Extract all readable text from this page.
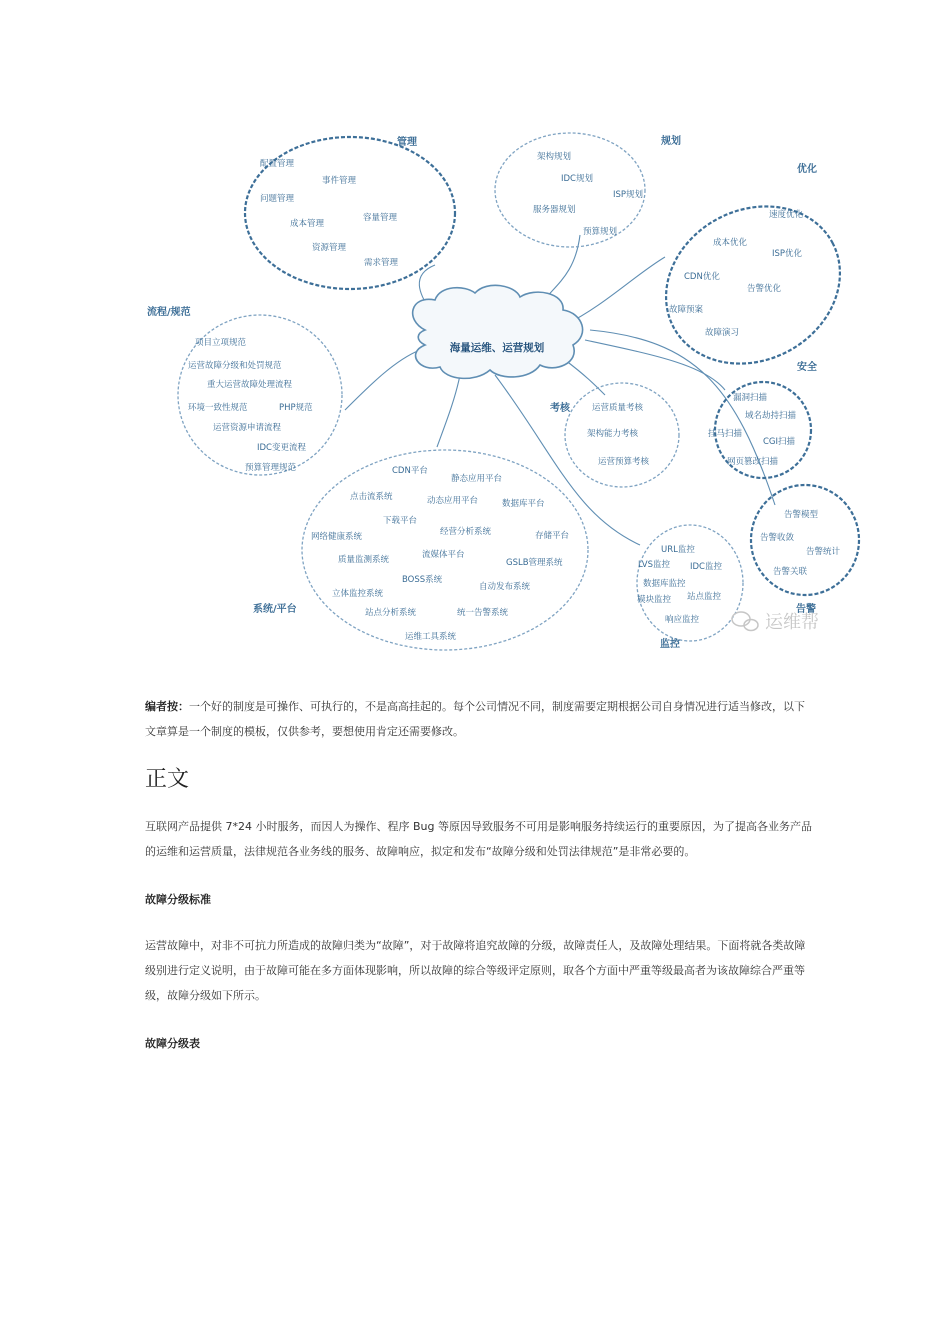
海量运维、运营规划
管理	规划
优化
流程/规范
安全
考核
系统/平台	告警
监控
配置管理
事件管理
问题管理
成本管理
容量管理
资源管理
需求管理
架构规划
IDC规划
ISP规划
服务器规划
预算规划
速度优化
成本优化
ISP优化
CDN优化
告警优化
故障预案
故障演习
项目立项规范
运营故障分级和处罚规范
重大运营故障处理流程
环境一致性规范	PHP规范
运营资源申请流程
IDC变更流程
预算管理规范
漏洞扫描
域名劫持扫描
挂马扫描
CGI扫描
网页篡改扫描
运营质量考核
架构能力考核
运营预算考核
CDN平台
静态应用平台
点击流系统	动态应用平台	数据库平台
下载平台
网络健康系统	经营分析系统	存储平台
质量监测系统	流媒体平台
GSLB管理系统
BOSS系统
立体监控系统
自动发布系统
站点分析系统	统一告警系统
运维工具系统
告警模型
告警收敛
告警统计
告警关联
URL监控
LVS监控 IDC监控
数据库监控
模块监控 站点监控
响应监控	运维帮

编者按：一个好的制度是可操作、可执行的，不是高高挂起的。每个公司情况不同，制度需要定期根据公司自身情况进行适当修改，以下文章算是一个制度的模板，仅供参考，要想使用肯定还需要修改。

正文

互联网产品提供 7*24 小时服务，而因人为操作、程序 Bug 等原因导致服务不可用是影响服务持续运行的重要原因，为了提高各业务产品的运维和运营质量，法律规范各业务线的服务、故障响应，拟定和发布“故障分级和处罚法律规范”是非常必要的。

故障分级标准

运营故障中，对非不可抗力所造成的故障归类为“故障”，对于故障将追究故障的分级，故障责任人，及故障处理结果。下面将就各类故障级别进行定义说明，由于故障可能在多方面体现影响，所以故障的综合等级评定原则，取各个方面中严重等级最高者为该故障综合严重等级，故障分级如下所示。

故障分级表
